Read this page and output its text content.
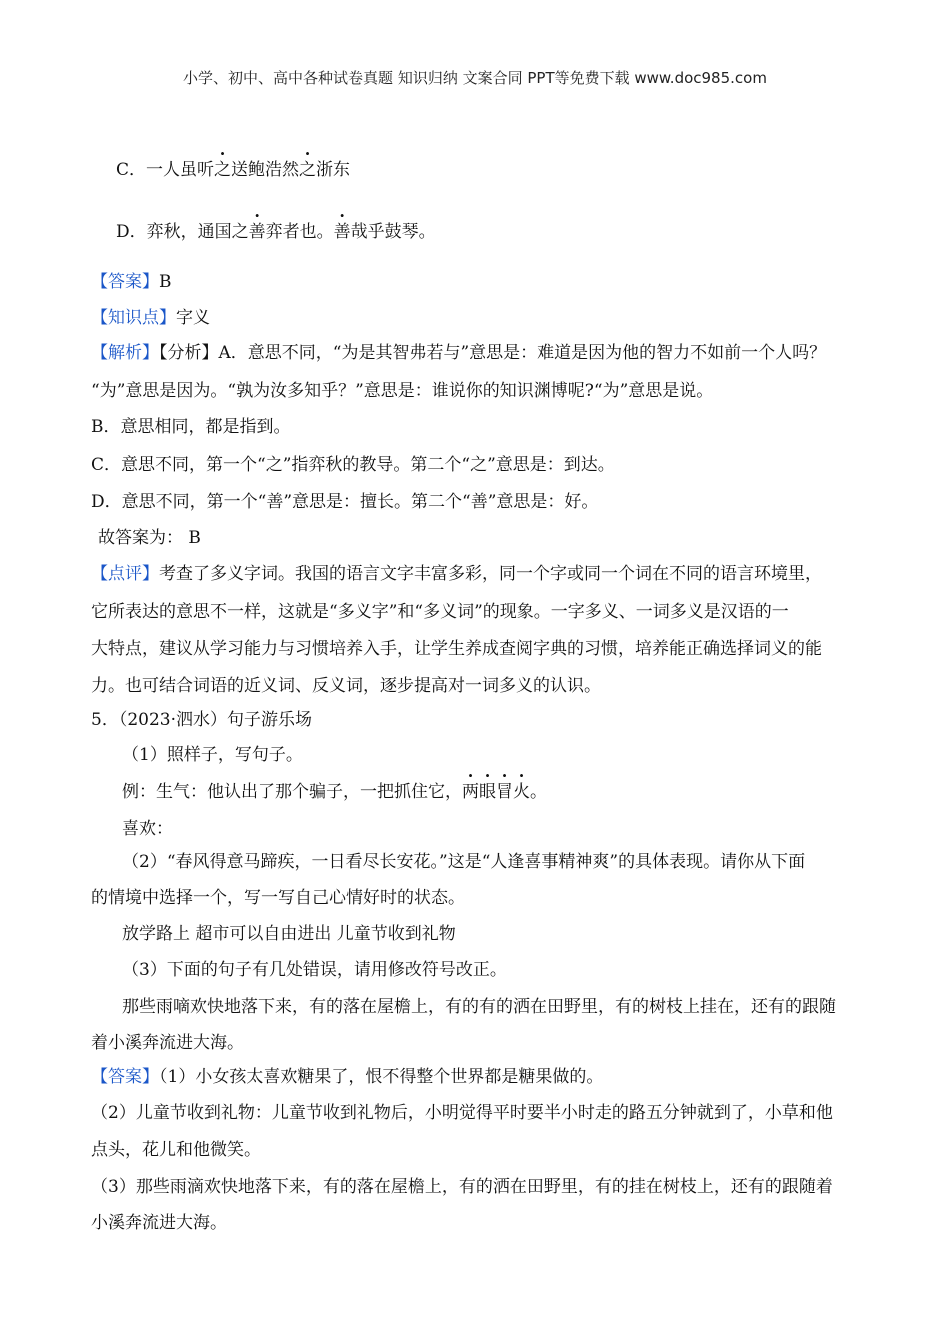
小学、初中、高中各种试卷真题 知识归纳 文案合同 PPT等免费下载 www.doc985.com
C．一人虽听之送鲍浩然之浙东
D．弈秋，通国之善弈者也。善哉乎鼓琴。
【答案】B
【知识点】字义
【解析】【分析】A．意思不同，“为是其智弗若与”意思是：难道是因为他的智力不如前一个人吗？
“为”意思是因为。“孰为汝多知乎？”意思是：谁说你的知识渊博呢?“为”意思是说。
B．意思相同，都是指到。
C．意思不同，第一个“之”指弈秋的教导。第二个“之”意思是：到达。
D．意思不同，第一个“善”意思是：擅长。第二个“善”意思是：好。
故答案为： B
【点评】考查了多义字词。我国的语言文字丰富多彩，同一个字或同一个词在不同的语言环境里，
它所表达的意思不一样，这就是“多义字”和“多义词”的现象。一字多义、一词多义是汉语的一
大特点，建议从学习能力与习惯培养入手，让学生养成查阅字典的习惯，培养能正确选择词义的能
力。也可结合词语的近义词、反义词，逐步提高对一词多义的认识。
5．（2023·泗水）句子游乐场
（1）照样子，写句子。
例：生气：他认出了那个骗子，一把抓住它，两眼冒火。
喜欢：
（2）“春风得意马蹄疾，一日看尽长安花。”这是“人逢喜事精神爽”的具体表现。请你从下面
的情境中选择一个，写一写自己心情好时的状态。
放学路上 超市可以自由进出 儿童节收到礼物
（3）下面的句子有几处错误，请用修改符号改正。
那些雨嘀欢快地落下来，有的落在屋檐上，有的有的洒在田野里，有的树枝上挂在，还有的跟随
着小溪奔流进大海。
【答案】（1）小女孩太喜欢糖果了，恨不得整个世界都是糖果做的。
（2）儿童节收到礼物：儿童节收到礼物后，小明觉得平时要半小时走的路五分钟就到了，小草和他
点头，花儿和他微笑。
（3）那些雨滴欢快地落下来，有的落在屋檐上，有的洒在田野里，有的挂在树枝上，还有的跟随着
小溪奔流进大海。
